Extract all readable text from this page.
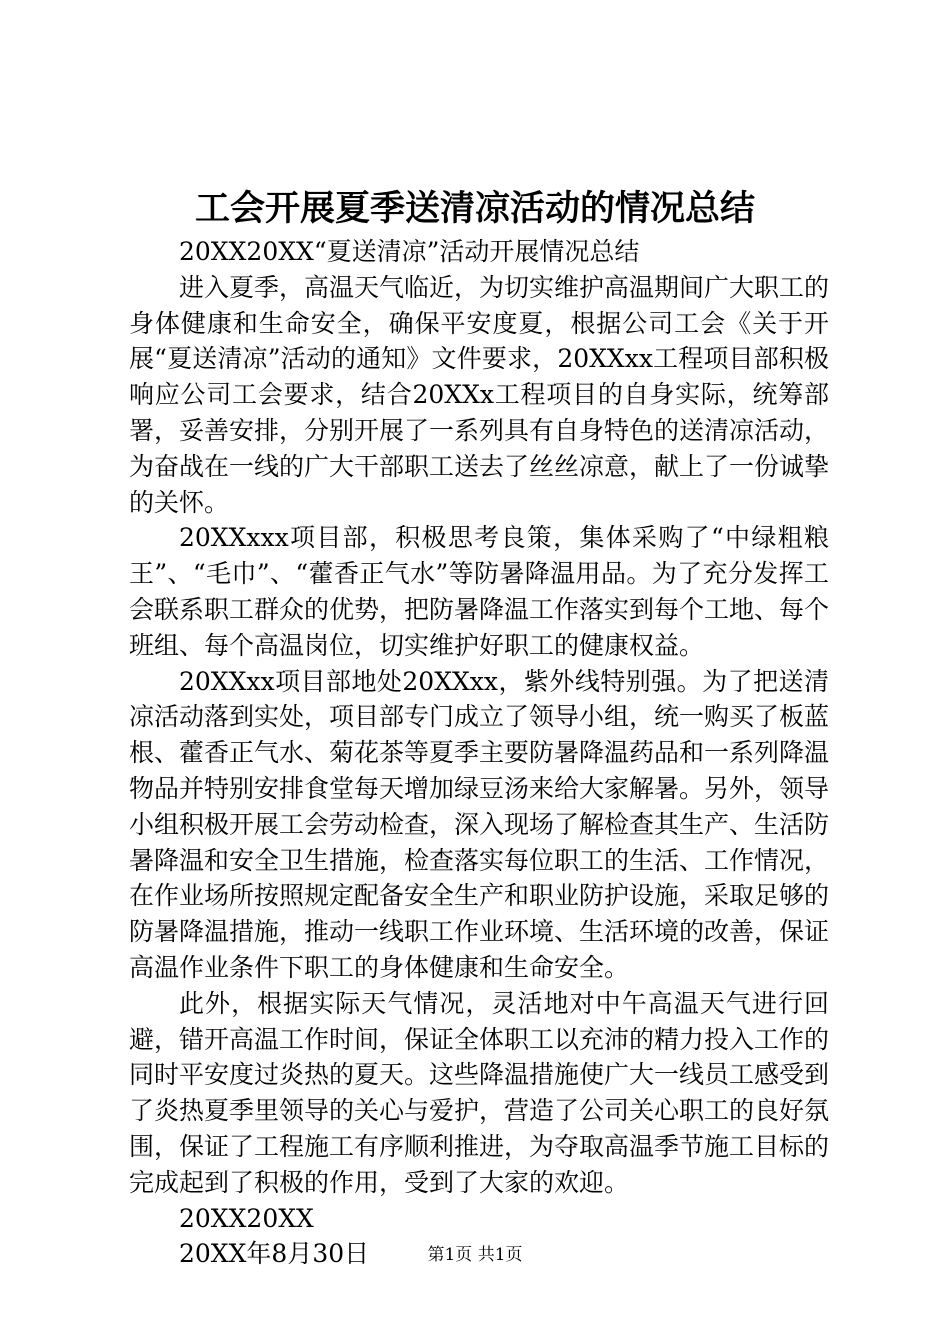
工会开展夏季送清凉活动的情况总结

20XX20XX“夏送清凉”活动开展情况总结

进入夏季，高温天气临近，为切实维护高温期间广大职工的身体健康和生命安全，确保平安度夏，根据公司工会《关于开展“夏送清凉”活动的通知》文件要求，20XXxx工程项目部积极响应公司工会要求，结合20XXx工程项目的自身实际，统筹部署，妥善安排，分别开展了一系列具有自身特色的送清凉活动，为奋战在一线的广大干部职工送去了丝丝凉意，献上了一份诚挚的关怀。

20XXxxx项目部，积极思考良策，集体采购了“中绿粗粮王”、“毛巾”、“藿香正气水”等防暑降温用品。为了充分发挥工会联系职工群众的优势，把防暑降温工作落实到每个工地、每个班组、每个高温岗位，切实维护好职工的健康权益。

20XXxx项目部地处20XXxx，紫外线特别强。为了把送清凉活动落到实处，项目部专门成立了领导小组，统一购买了板蓝根、藿香正气水、菊花茶等夏季主要防暑降温药品和一系列降温物品并特别安排食堂每天增加绿豆汤来给大家解暑。另外，领导小组积极开展工会劳动检查，深入现场了解检查其生产、生活防暑降温和安全卫生措施，检查落实每位职工的生活、工作情况，在作业场所按照规定配备安全生产和职业防护设施，采取足够的防暑降温措施，推动一线职工作业环境、生活环境的改善，保证高温作业条件下职工的身体健康和生命安全。

此外，根据实际天气情况，灵活地对中午高温天气进行回避，错开高温工作时间，保证全体职工以充沛的精力投入工作的同时平安度过炎热的夏天。这些降温措施使广大一线员工感受到了炎热夏季里领导的关心与爱护，营造了公司关心职工的良好氛围，保证了工程施工有序顺利推进，为夺取高温季节施工目标的完成起到了积极的作用，受到了大家的欢迎。

20XX20XX

20XX年8月30日	第1页 共1页
